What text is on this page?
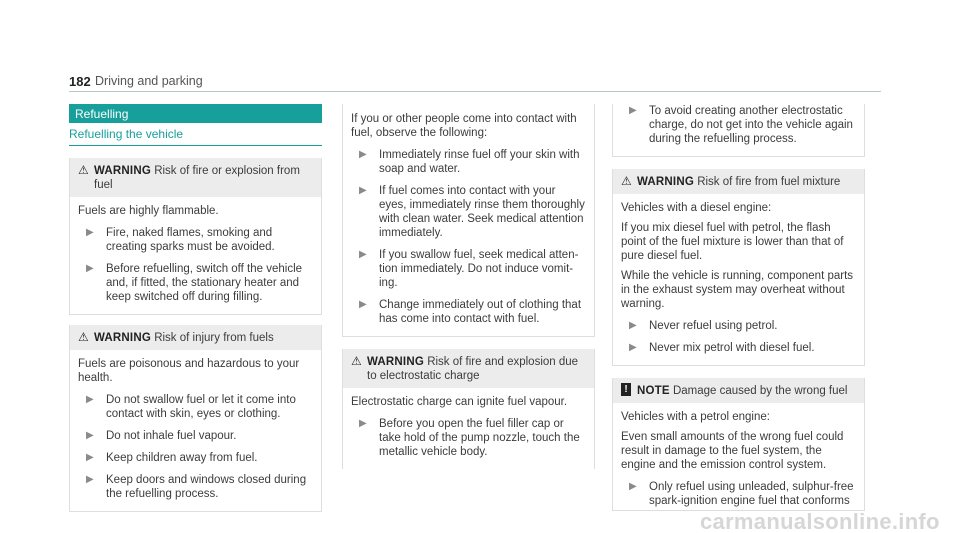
182 Driving and parking
Refuelling
Refuelling the vehicle
⚠ WARNING Risk of fire or explosion from fuel

Fuels are highly flammable.

▶ Fire, naked flames, smoking and creating sparks must be avoided.
▶ Before refuelling, switch off the vehicle and, if fitted, the stationary heater and keep switched off during filling.
⚠ WARNING Risk of injury from fuels

Fuels are poisonous and hazardous to your health.

▶ Do not swallow fuel or let it come into contact with skin, eyes or clothing.
▶ Do not inhale fuel vapour.
▶ Keep children away from fuel.
▶ Keep doors and windows closed during the refuelling process.

If you or other people come into contact with fuel, observe the following:

▶ Immediately rinse fuel off your skin with soap and water.
▶ If fuel comes into contact with your eyes, immediately rinse them thoroughly with clean water. Seek medical attention immediately.
▶ If you swallow fuel, seek medical atten-tion immediately. Do not induce vomit-ing.
▶ Change immediately out of clothing that has come into contact with fuel.
⚠ WARNING Risk of fire and explosion due to electrostatic charge

Electrostatic charge can ignite fuel vapour.

▶ Before you open the fuel filler cap or take hold of the pump nozzle, touch the metallic vehicle body.
▶ To avoid creating another electrostatic charge, do not get into the vehicle again during the refuelling process.
⚠ WARNING Risk of fire from fuel mixture

Vehicles with a diesel engine:

If you mix diesel fuel with petrol, the flash point of the fuel mixture is lower than that of pure diesel fuel.

While the vehicle is running, component parts in the exhaust system may overheat without warning.

▶ Never refuel using petrol.
▶ Never mix petrol with diesel fuel.
! NOTE Damage caused by the wrong fuel

Vehicles with a petrol engine:

Even small amounts of the wrong fuel could result in damage to the fuel system, the engine and the emission control system.

▶ Only refuel using unleaded, sulphur-free spark-ignition engine fuel that conforms
carmanualsonline.info
